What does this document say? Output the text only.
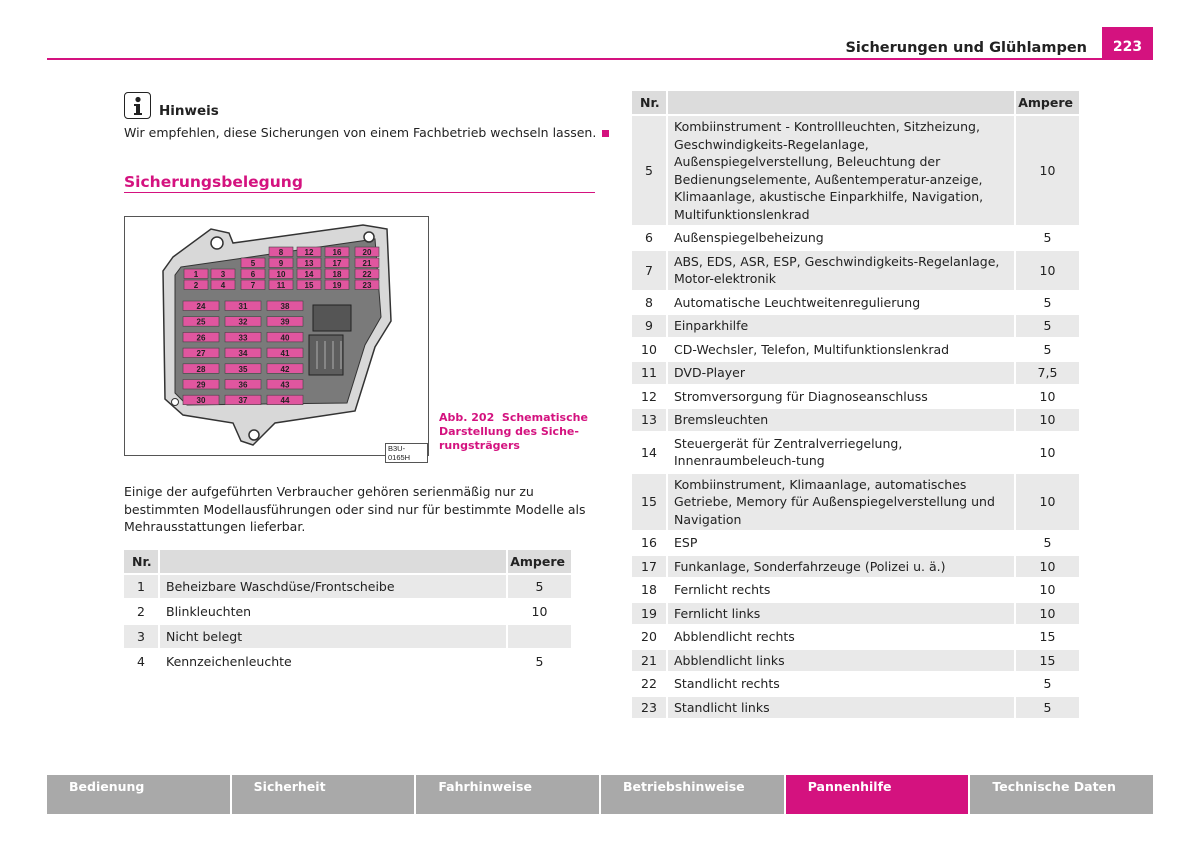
Sicherungen und Glühlampen	223
Hinweis
Wir empfehlen, diese Sicherungen von einem Fachbetrieb wechseln lassen.
Sicherungsbelegung
8	12 16	20
5	9	13 17	21
1	3	6	10 14 18	22
2	4	7	11 15 19	23
24
25
26
27
28
29
30
31
32
33
34
35
36
37
38
39
40
41
42
43
44
B3U-0165H
Abb. 202 Schematische Darstellung des Siche-rungsträgers
Einige der aufgeführten Verbraucher gehören serienmäßig nur zu bestimmten Modellausführungen oder sind nur für bestimmte Modelle als Mehrausstattungen lieferbar.
Nr.		Ampere
1	Beheizbare Waschdüse/Frontscheibe	5
2	Blinkleuchten	10
3	Nicht belegt	
4	Kennzeichenleuchte	5
Nr.		Ampere
5	Kombiinstrument - Kontrollleuchten, Sitzheizung, Geschwindigkeits-Regelanlage, Außenspiegelverstellung, Beleuchtung der Bedienungselemente, Außentemperatur-anzeige, Klimaanlage, akustische Einparkhilfe, Navigation, Multifunktionslenkrad	10
6	Außenspiegelbeheizung	5
7	ABS, EDS, ASR, ESP, Geschwindigkeits-Regelanlage, Motor-elektronik	10
8	Automatische Leuchtweitenregulierung	5
9	Einparkhilfe	5
10	CD-Wechsler, Telefon, Multifunktionslenkrad	5
11	DVD-Player	7,5
12	Stromversorgung für Diagnoseanschluss	10
13	Bremsleuchten	10
14	Steuergerät für Zentralverriegelung, Innenraumbeleuch-tung	10
15	Kombiinstrument, Klimaanlage, automatisches Getriebe, Memory für Außenspiegelverstellung und Navigation	10
16	ESP	5
17	Funkanlage, Sonderfahrzeuge (Polizei u. ä.)	10
18	Fernlicht rechts	10
19	Fernlicht links	10
20	Abblendlicht rechts	15
21	Abblendlicht links	15
22	Standlicht rechts	5
23	Standlicht links	5
Bedienung	Sicherheit	Fahrhinweise	Betriebshinweise	Pannenhilfe	Technische Daten
